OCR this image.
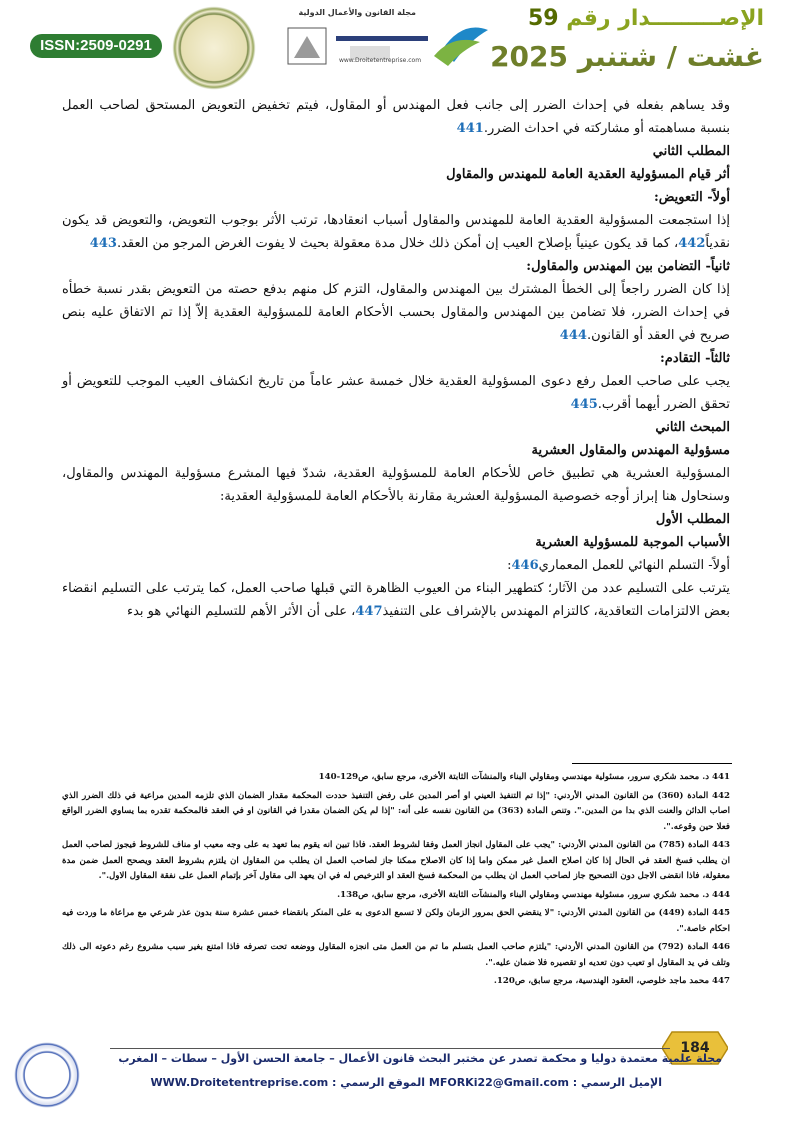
ISSN:2509-0291
مجلة القانون والأعمال الدولية
www.Droitetentreprise.com
الإصـــــــــدار رقم 59
غشت / شتنبر 2025

وقد يساهم بفعله في إحداث الضرر إلى جانب فعل المهندس أو المقاول، فيتم تخفيض التعويض المستحق لصاحب العمل بنسبة مساهمته أو مشاركته في احداث الضرر.441

المطلب الثاني

أثر قيام المسؤولية العقدية العامة للمهندس والمقاول

أولاً- التعويض:

إذا استجمعت المسؤولية العقدية العامة للمهندس والمقاول أسباب انعقادها، ترتب الأثر بوجوب التعويض، والتعويض قد يكون نقدياً442، كما قد يكون عينياً بإصلاح العيب إن أمكن ذلك خلال مدة معقولة بحيث لا يفوت الغرض المرجو من العقد.443

ثانياً- التضامن بين المهندس والمقاول:

إذا كان الضرر راجعاً إلى الخطأ المشترك بين المهندس والمقاول، التزم كل منهم بدفع حصته من التعويض بقدر نسبة خطأه في إحداث الضرر، فلا تضامن بين المهندس والمقاول بحسب الأحكام العامة للمسؤولية العقدية إلاّ إذا تم الاتفاق عليه بنص صريح في العقد أو القانون.444

ثالثاً- التقادم:

يجب على صاحب العمل رفع دعوى المسؤولية العقدية خلال خمسة عشر عاماً من تاريخ انكشاف العيب الموجب للتعويض أو تحقق الضرر أيهما أقرب.445

المبحث الثاني

مسؤولية المهندس والمقاول العشرية

المسؤولية العشرية هي تطبيق خاص للأحكام العامة للمسؤولية العقدية، شددّ فيها المشرع مسؤولية المهندس والمقاول، وسنحاول هنا إبراز أوجه خصوصية المسؤولية العشرية مقارنة بالأحكام العامة للمسؤولية العقدية:

المطلب الأول

الأسباب الموجبة للمسؤولية العشرية

أولاً- التسلم النهائي للعمل المعماري446:

يترتب على التسليم عدد من الآثار؛ كتطهير البناء من العيوب الظاهرة التي قبلها صاحب العمل، كما يترتب على التسليم انقضاء بعض الالتزامات التعاقدية، كالتزام المهندس بالإشراف على التنفيذ447، على أن الأثر الأهم للتسليم النهائي هو بدء

441 د. محمد شكري سرور، مسئولية مهندسي ومقاولي البناء والمنشآت الثابتة الأخرى، مرجع سابق، ص129-140

442 المادة (360) من القانون المدني الأردني: "إذا تم التنفيذ العيني او أصر المدين على رفض التنفيذ حددت المحكمة مقدار الضمان الذي تلزمه المدين مراعية في ذلك الضرر الذي اصاب الدائن والعنت الذي بدا من المدين.". وتنص المادة (363) من القانون نفسه على أنه: "إذا لم يكن الضمان مقدرا في القانون او في العقد فالمحكمة تقدره بما يساوي الضرر الواقع فعلا حين وقوعه.".

443 المادة (785) من القانون المدني الأردني: "يجب على المقاول انجاز العمل وفقا لشروط العقد. فاذا تبين انه يقوم بما تعهد به على وجه معيب او مناف للشروط فيجوز لصاحب العمل ان يطلب فسخ العقد في الحال إذا كان اصلاح العمل غير ممكن واما إذا كان الاصلاح ممكنا جاز لصاحب العمل ان يطلب من المقاول ان يلتزم بشروط العقد ويصحح العمل ضمن مدة معقولة، فاذا انقضى الاجل دون التصحيح جاز لصاحب العمل ان يطلب من المحكمة فسخ العقد او الترخيص له في ان يعهد الى مقاول آخر بإتمام العمل على نفقة المقاول الاول.".

444 د. محمد شكري سرور، مسئولية مهندسي ومقاولي البناء والمنشآت الثابتة الأخرى، مرجع سابق، ص138.

445 المادة (449) من القانون المدني الأردني: "لا ينقضي الحق بمرور الزمان ولكن لا تسمع الدعوى به على المنكر بانقضاء خمس عشرة سنة بدون عذر شرعي مع مراعاة ما وردت فيه احكام خاصة.".

446 المادة (792) من القانون المدني الأردني: "يلتزم صاحب العمل بتسلم ما تم من العمل متى انجزه المقاول ووضعه تحت تصرفه فاذا امتنع بغير سبب مشروع رغم دعوته الى ذلك وتلف في يد المقاول او تعيب دون تعديه او تقصيره فلا ضمان عليه.".

447 محمد ماجد خلوصي، العقود الهندسية، مرجع سابق، ص120.

184
مجلة علمية معتمدة دوليا و محكمة تصدر عن مختبر البحث قانون الأعمال – جامعة الحسن الأول – سطات – المغرب
الإميل الرسمي : MFORKi22@Gmail.com الموقع الرسمي : WWW.Droitetentreprise.com
